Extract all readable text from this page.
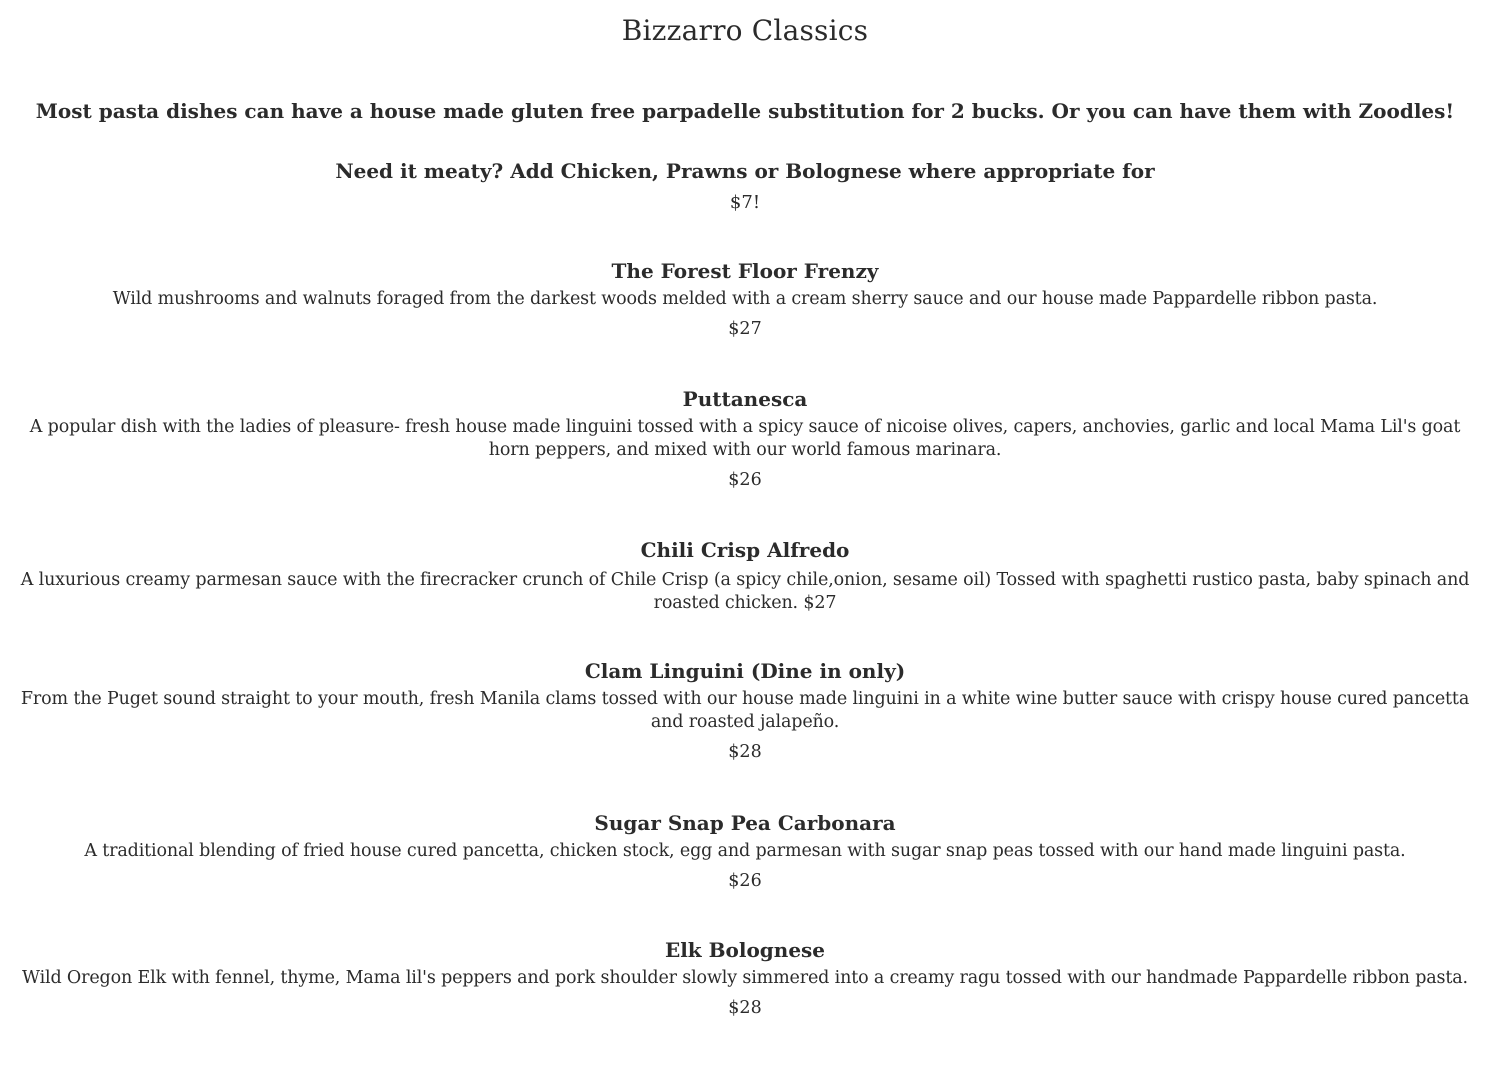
Bizzarro Classics

Most pasta dishes can have a house made gluten free parpadelle substitution for 2 bucks. Or you can have them with Zoodles!

Need it meaty? Add Chicken, Prawns or Bolognese where appropriate for

$7!

The Forest Floor Frenzy

Wild mushrooms and walnuts foraged from the darkest woods melded with a cream sherry sauce and our house made Pappardelle ribbon pasta.

$27

Puttanesca

A popular dish with the ladies of pleasure- fresh house made linguini tossed with a spicy sauce of nicoise olives, capers, anchovies, garlic and local Mama Lil's goat horn peppers, and mixed with our world famous marinara.

$26

Chili Crisp Alfredo

A luxurious creamy parmesan sauce with the firecracker crunch of Chile Crisp (a spicy chile,onion, sesame oil) Tossed with spaghetti rustico pasta, baby spinach and roasted chicken. $27

Clam Linguini (Dine in only)

From the Puget sound straight to your mouth, fresh Manila clams tossed with our house made linguini in a white wine butter sauce with crispy house cured pancetta and roasted jalapeño.

$28

Sugar Snap Pea Carbonara

A traditional blending of fried house cured pancetta, chicken stock, egg and parmesan with sugar snap peas tossed with our hand made linguini pasta.

$26

Elk Bolognese

Wild Oregon Elk with fennel, thyme, Mama lil's peppers and pork shoulder slowly simmered into a creamy ragu tossed with our handmade Pappardelle ribbon pasta.

$28
